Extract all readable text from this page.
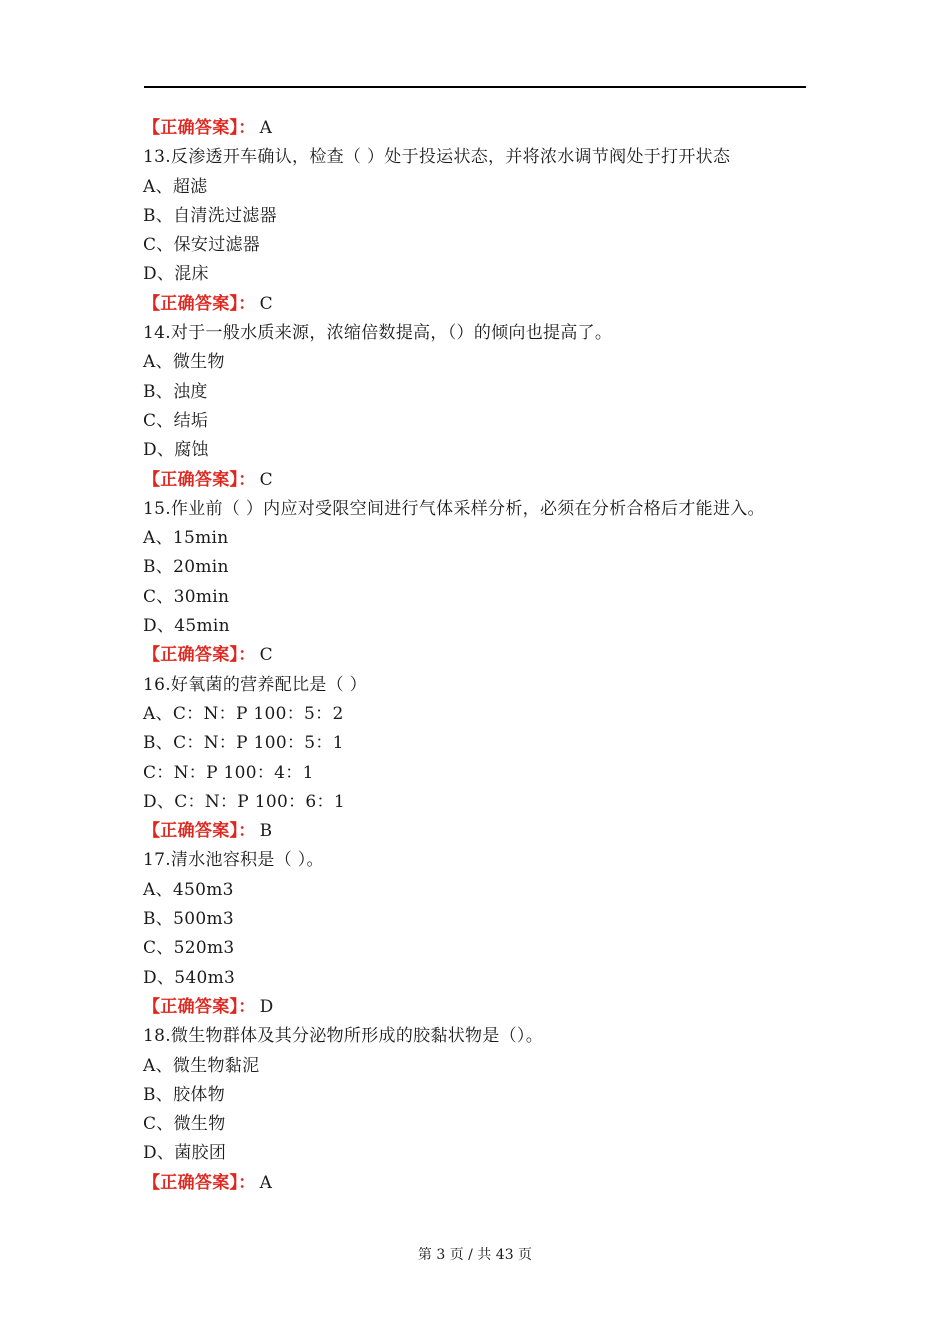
【正确答案】： A
13.反渗透开车确认，检查（ ）处于投运状态，并将浓水调节阀处于打开状态
A、超滤
B、自清洗过滤器
C、保安过滤器
D、混床
【正确答案】： C
14.对于一般水质来源，浓缩倍数提高，（）的倾向也提高了。
A、微生物
B、浊度
C、结垢
D、腐蚀
【正确答案】： C
15.作业前（ ）内应对受限空间进行气体采样分析，必须在分析合格后才能进入。
A、15min
B、20min
C、30min
D、45min
【正确答案】： C
16.好氧菌的营养配比是（ ）
A、C：N：P 100：5：2
B、C：N：P 100：5：1
C：N：P 100：4：1
D、C：N：P 100：6：1
【正确答案】： B
17.清水池容积是（ ）。
A、450m3
B、500m3
C、520m3
D、540m3
【正确答案】： D
18.微生物群体及其分泌物所形成的胶黏状物是（）。
A、微生物黏泥
B、胶体物
C、微生物
D、菌胶团
【正确答案】： A
第 3 页 / 共 43 页
